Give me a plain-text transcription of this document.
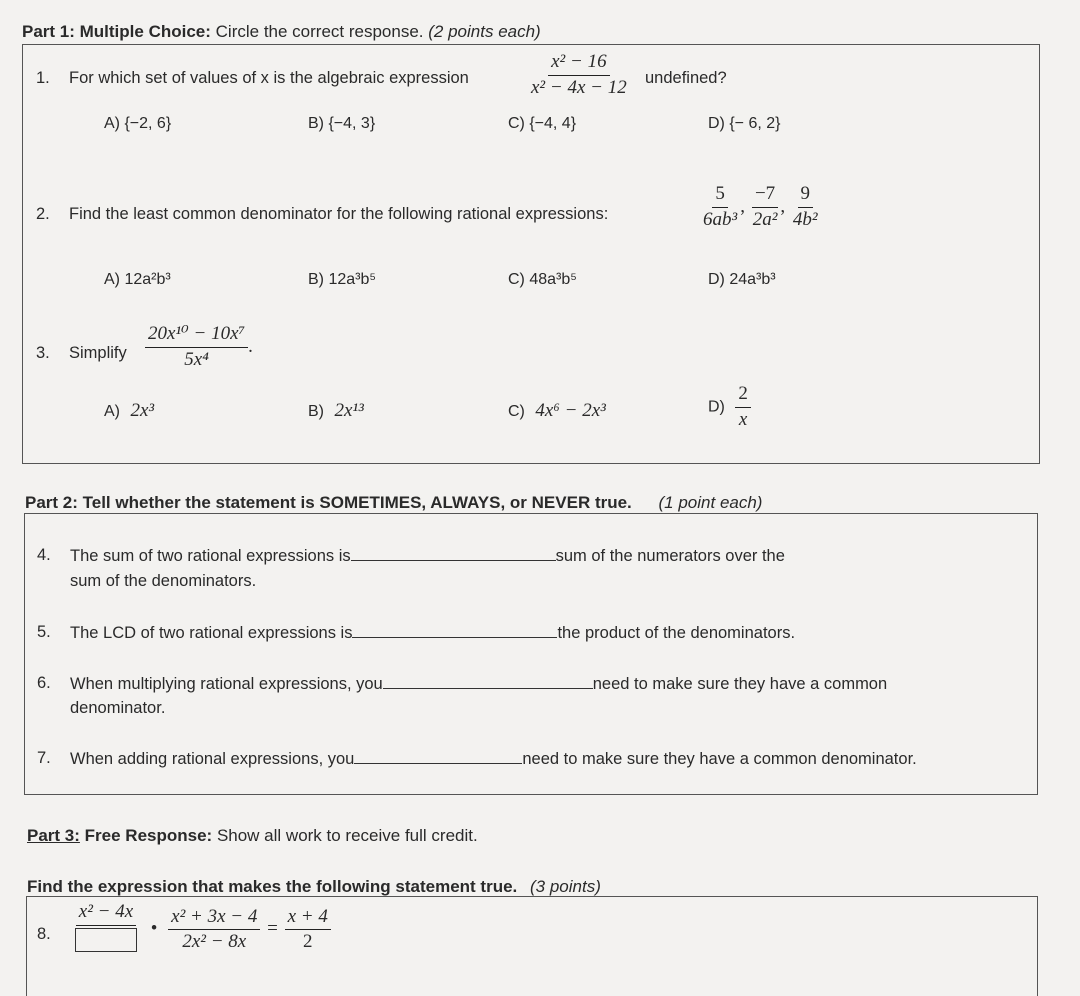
Part 1: Multiple Choice: Circle the correct response. (2 points each)
1. For which set of values of x is the algebraic expression	$\frac{\text{x² − 16}}{\text{x² − 4x − 12}}$ undefined?
A) {−2, 6}	B) {−4, 3}	C) {−4, 4}	D) {− 6, 2}
2. Find the least common denominator for the following rational expressions:	$\frac{5}{\text{6ab³}}$ , $\frac{-7}{\text{2a²}}$ , $\frac{9}{\text{4b²}}$
A) 12a²b³	B) 12a³b⁵	C) 48a³b⁵	D) 24a³b³
3. Simplify $\frac{\text{20x¹⁰ − 10x⁷}}{\text{5x⁴}}$ .
A) 2x³	B) 2x¹³	C) 4x⁶ − 2x³	$D) \frac{2}{x}$
Part 2: Tell whether the statement is SOMETIMES, ALWAYS, or NEVER true. (1 point each)
4. The sum of two rational expressions is	sum of the numerators over the
sum of the denominators.
5. The LCD of two rational expressions is	the product of the denominators.
6. When multiplying rational expressions, you	need to make sure they have a common
denominator.
7. When adding rational expressions, you	need to make sure they have a common denominator.
Part 3: Free Response: Show all work to receive full credit.
Find the expression that makes the following statement true. (3 points)
8.
x² − 4x
• $\frac{\text{x² + 3x − 4}}{\text{2x² − 8x}} = \frac{x + 4}{2}$
